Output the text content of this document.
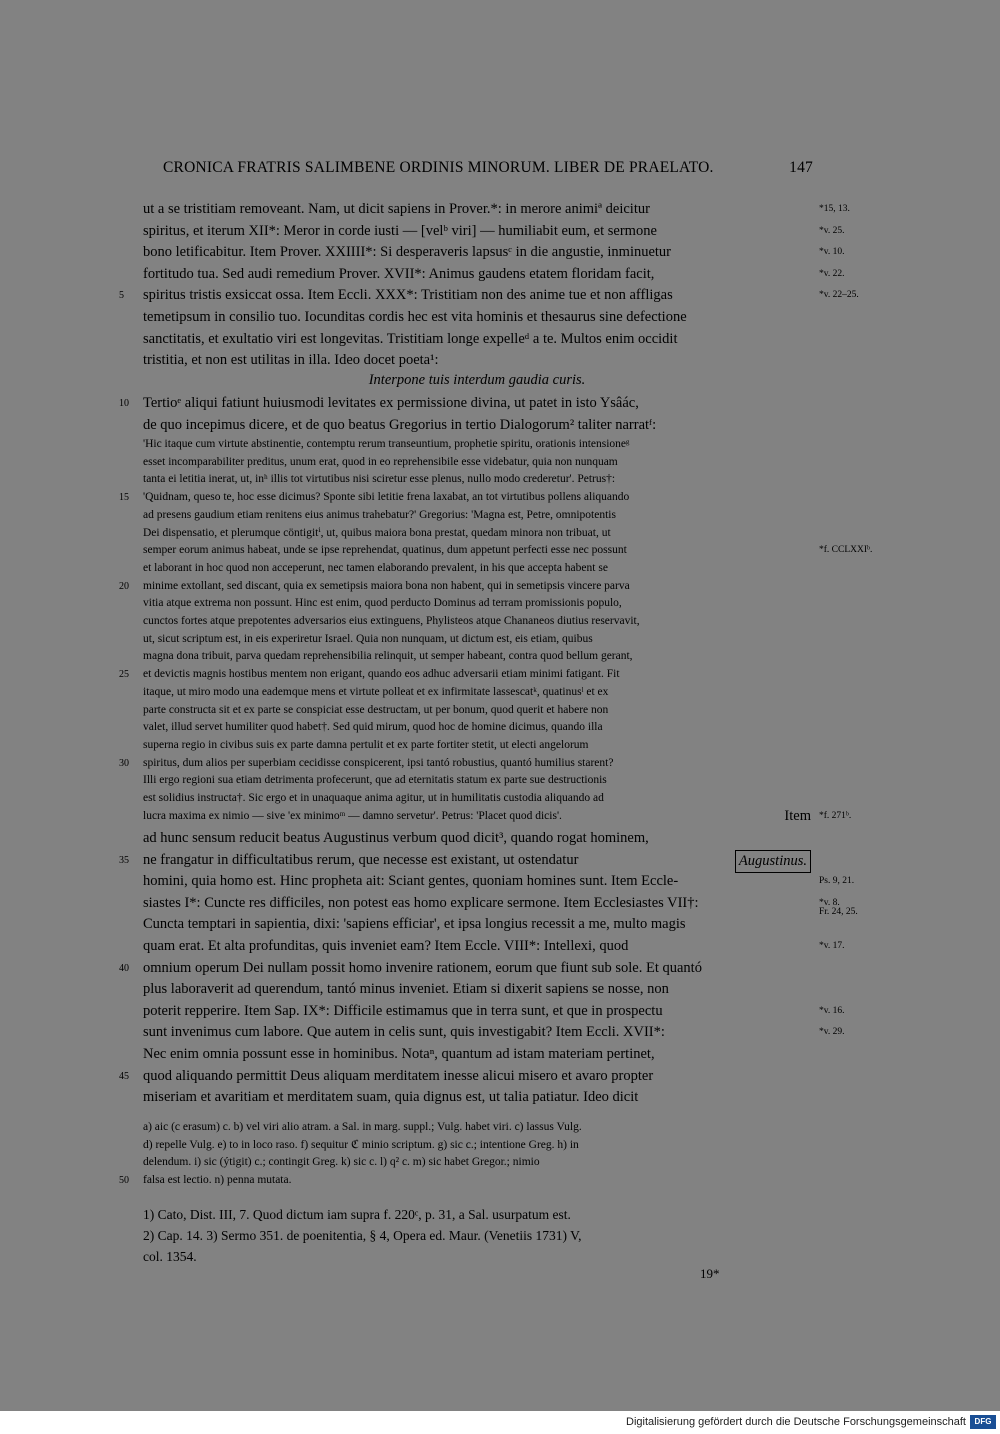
CRONICA FRATRIS SALIMBENE ORDINIS MINORUM. LIBER DE PRAELATO.	147
ut a se tristitiam removeant. Nam, ut dicit sapiens in Prover.*: in merore animiª deicitur	*15, 13.
spiritus, et iterum XII*: Meror in corde iusti — [velᵇ viri] — humiliabit eum, et sermone	*v. 25.
bono letificabitur. Item Prover. XXIIII*: Si desperaveris lapsusᶜ in die angustie, inminuetur	*v. 10.
fortitudo tua. Sed audi remedium Prover. XVII*: Animus gaudens etatem floridam facit,	*v. 22.
spiritus tristis exsiccat ossa. Item Eccli. XXX*: Tristitiam non des anime tue et non affligas
5	*v. 22–25.
temetipsum in consilio tuo. Iocunditas cordis hec est vita hominis et thesaurus sine defectione
sanctitatis, et exultatio viri est longevitas. Tristitiam longe expelleᵈ a te. Multos enim occidit
tristitia, et non est utilitas in illa. Ideo docet poeta¹:
Interpone tuis interdum gaudia curis.
Tertioᵉ aliqui fatiunt huiusmodi levitates ex permissione divina, ut patet in isto Ysâác,
10
de quo incepimus dicere, et de quo beatus Gregorius in tertio Dialogorum² taliter narratᶠ:
'Hic itaque cum virtute abstinentie, contemptu rerum transeuntium, prophetie spiritu, orationis intensioneᵍ
esset incomparabiliter preditus, unum erat, quod in eo reprehensibile esse videbatur, quia non nunquam
tanta ei letitia inerat, ut, inʰ illis tot virtutibus nisi sciretur esse plenus, nullo modo crederetur'. Petrus†:
'Quidnam, queso te, hoc esse dicimus? Sponte sibi letitie frena laxabat, an tot virtutibus pollens aliquando
15
ad presens gaudium etiam renitens eius animus trahebatur?' Gregorius: 'Magna est, Petre, omnipotentis
Dei dispensatio, et plerumque cöntigitⁱ, ut, quibus maiora bona prestat, quedam minora non tribuat, ut
semper eorum animus habeat, unde se ipse reprehendat, quatinus, dum appetunt perfecti esse nec possunt	*f. CCLXXIᵇ.
et laborant in hoc quod non acceperunt, nec tamen elaborando prevalent, in his que accepta habent se
minime extollant, sed discant, quia ex semetipsis maiora bona non habent, qui in semetipsis vincere parva
20
vitia atque extrema non possunt. Hinc est enim, quod perducto Dominus ad terram promissionis populo,
cunctos fortes atque prepotentes adversarios eius extinguens, Phylisteos atque Chananeos diutius reservavit,
ut, sicut scriptum est, in eis experiretur Israel. Quia non nunquam, ut dictum est, eis etiam, quibus
magna dona tribuit, parva quedam reprehensibilia relinquit, ut semper habeant, contra quod bellum gerant,
et devictis magnis hostibus mentem non erigant, quando eos adhuc adversarii etiam minimi fatigant. Fit
25
itaque, ut miro modo una eademque mens et virtute polleat et ex infirmitate lassescatᵏ, quatinusˡ et ex
parte constructa sit et ex parte se conspiciat esse destructam, ut per bonum, quod querit et habere non
valet, illud servet humiliter quod habet†. Sed quid mirum, quod hoc de homine dicimus, quando illa
superna regio in civibus suis ex parte damna pertulit et ex parte fortiter stetit, ut electi angelorum
spiritus, dum alios per superbiam cecidisse conspicerent, ipsi tantó robustius, quantó humilius starent?
30
Illi ergo regioni sua etiam detrimenta profecerunt, que ad eternitatis statum ex parte sue destructionis
est solidius instructa†. Sic ergo et in unaquaque anima agitur, ut in humilitatis custodia aliquando ad
lucra maxima ex nimio — sive 'ex minimoᵐ — damno servetur'. Petrus: 'Placet quod dicis'.	*f. 271ᵇ.
Item
ad hunc sensum reducit beatus Augustinus verbum quod dicit³, quando rogat hominem,
ne frangatur in difficultatibus rerum, que necesse est existant, ut ostendatur
35	Augustinus.
homini, quia homo est. Hinc propheta ait: Sciant gentes, quoniam homines sunt. Item Eccle-	Ps. 9, 21.
siastes I*: Cuncte res difficiles, non potest eas homo explicare sermone. Item Ecclesiastes VII†:	*v. 8.
Fr. 24, 25.
Cuncta temptari in sapientia, dixi: 'sapiens efficiar', et ipsa longius recessit a me, multo magis
quam erat. Et alta profunditas, quis inveniet eam? Item Eccle. VIII*: Intellexi, quod	*v. 17.
omnium operum Dei nullam possit homo invenire rationem, eorum que fiunt sub sole. Et quantó
40
plus laboraverit ad querendum, tantó minus inveniet. Etiam si dixerit sapiens se nosse, non
poterit repperire. Item Sap. IX*: Difficile estimamus que in terra sunt, et que in prospectu	*v. 16.
sunt invenimus cum labore. Que autem in celis sunt, quis investigabit? Item Eccli. XVII*:	*v. 29.
Nec enim omnia possunt esse in hominibus. Notaⁿ, quantum ad istam materiam pertinet,
quod aliquando permittit Deus aliquam merditatem inesse alicui misero et avaro propter
45
miseriam et avaritiam et merditatem suam, quia dignus est, ut talia patiatur. Ideo dicit
a) aic (c erasum) c. b) vel viri alio atram. a Sal. in marg. suppl.; Vulg. habet viri. c) lassus Vulg.
d) repelle Vulg. e) to in loco raso. f) sequitur ℭ minio scriptum. g) sic c.; intentione Greg. h) in
delendum. i) sic (ýtigit) c.; contingit Greg. k) sic c. l) q² c. m) sic habet Gregor.; nimio
falsa est lectio. n) penna mutata.
50
1) Cato, Dist. III, 7. Quod dictum iam supra f. 220ᶜ, p. 31, a Sal. usurpatum est.
2) Cap. 14. 3) Sermo 351. de poenitentia, § 4, Opera ed. Maur. (Venetiis 1731) V,
col. 1354.
19*
Digitalisierung gefördert durch die Deutsche Forschungsgemeinschaft	DFG
